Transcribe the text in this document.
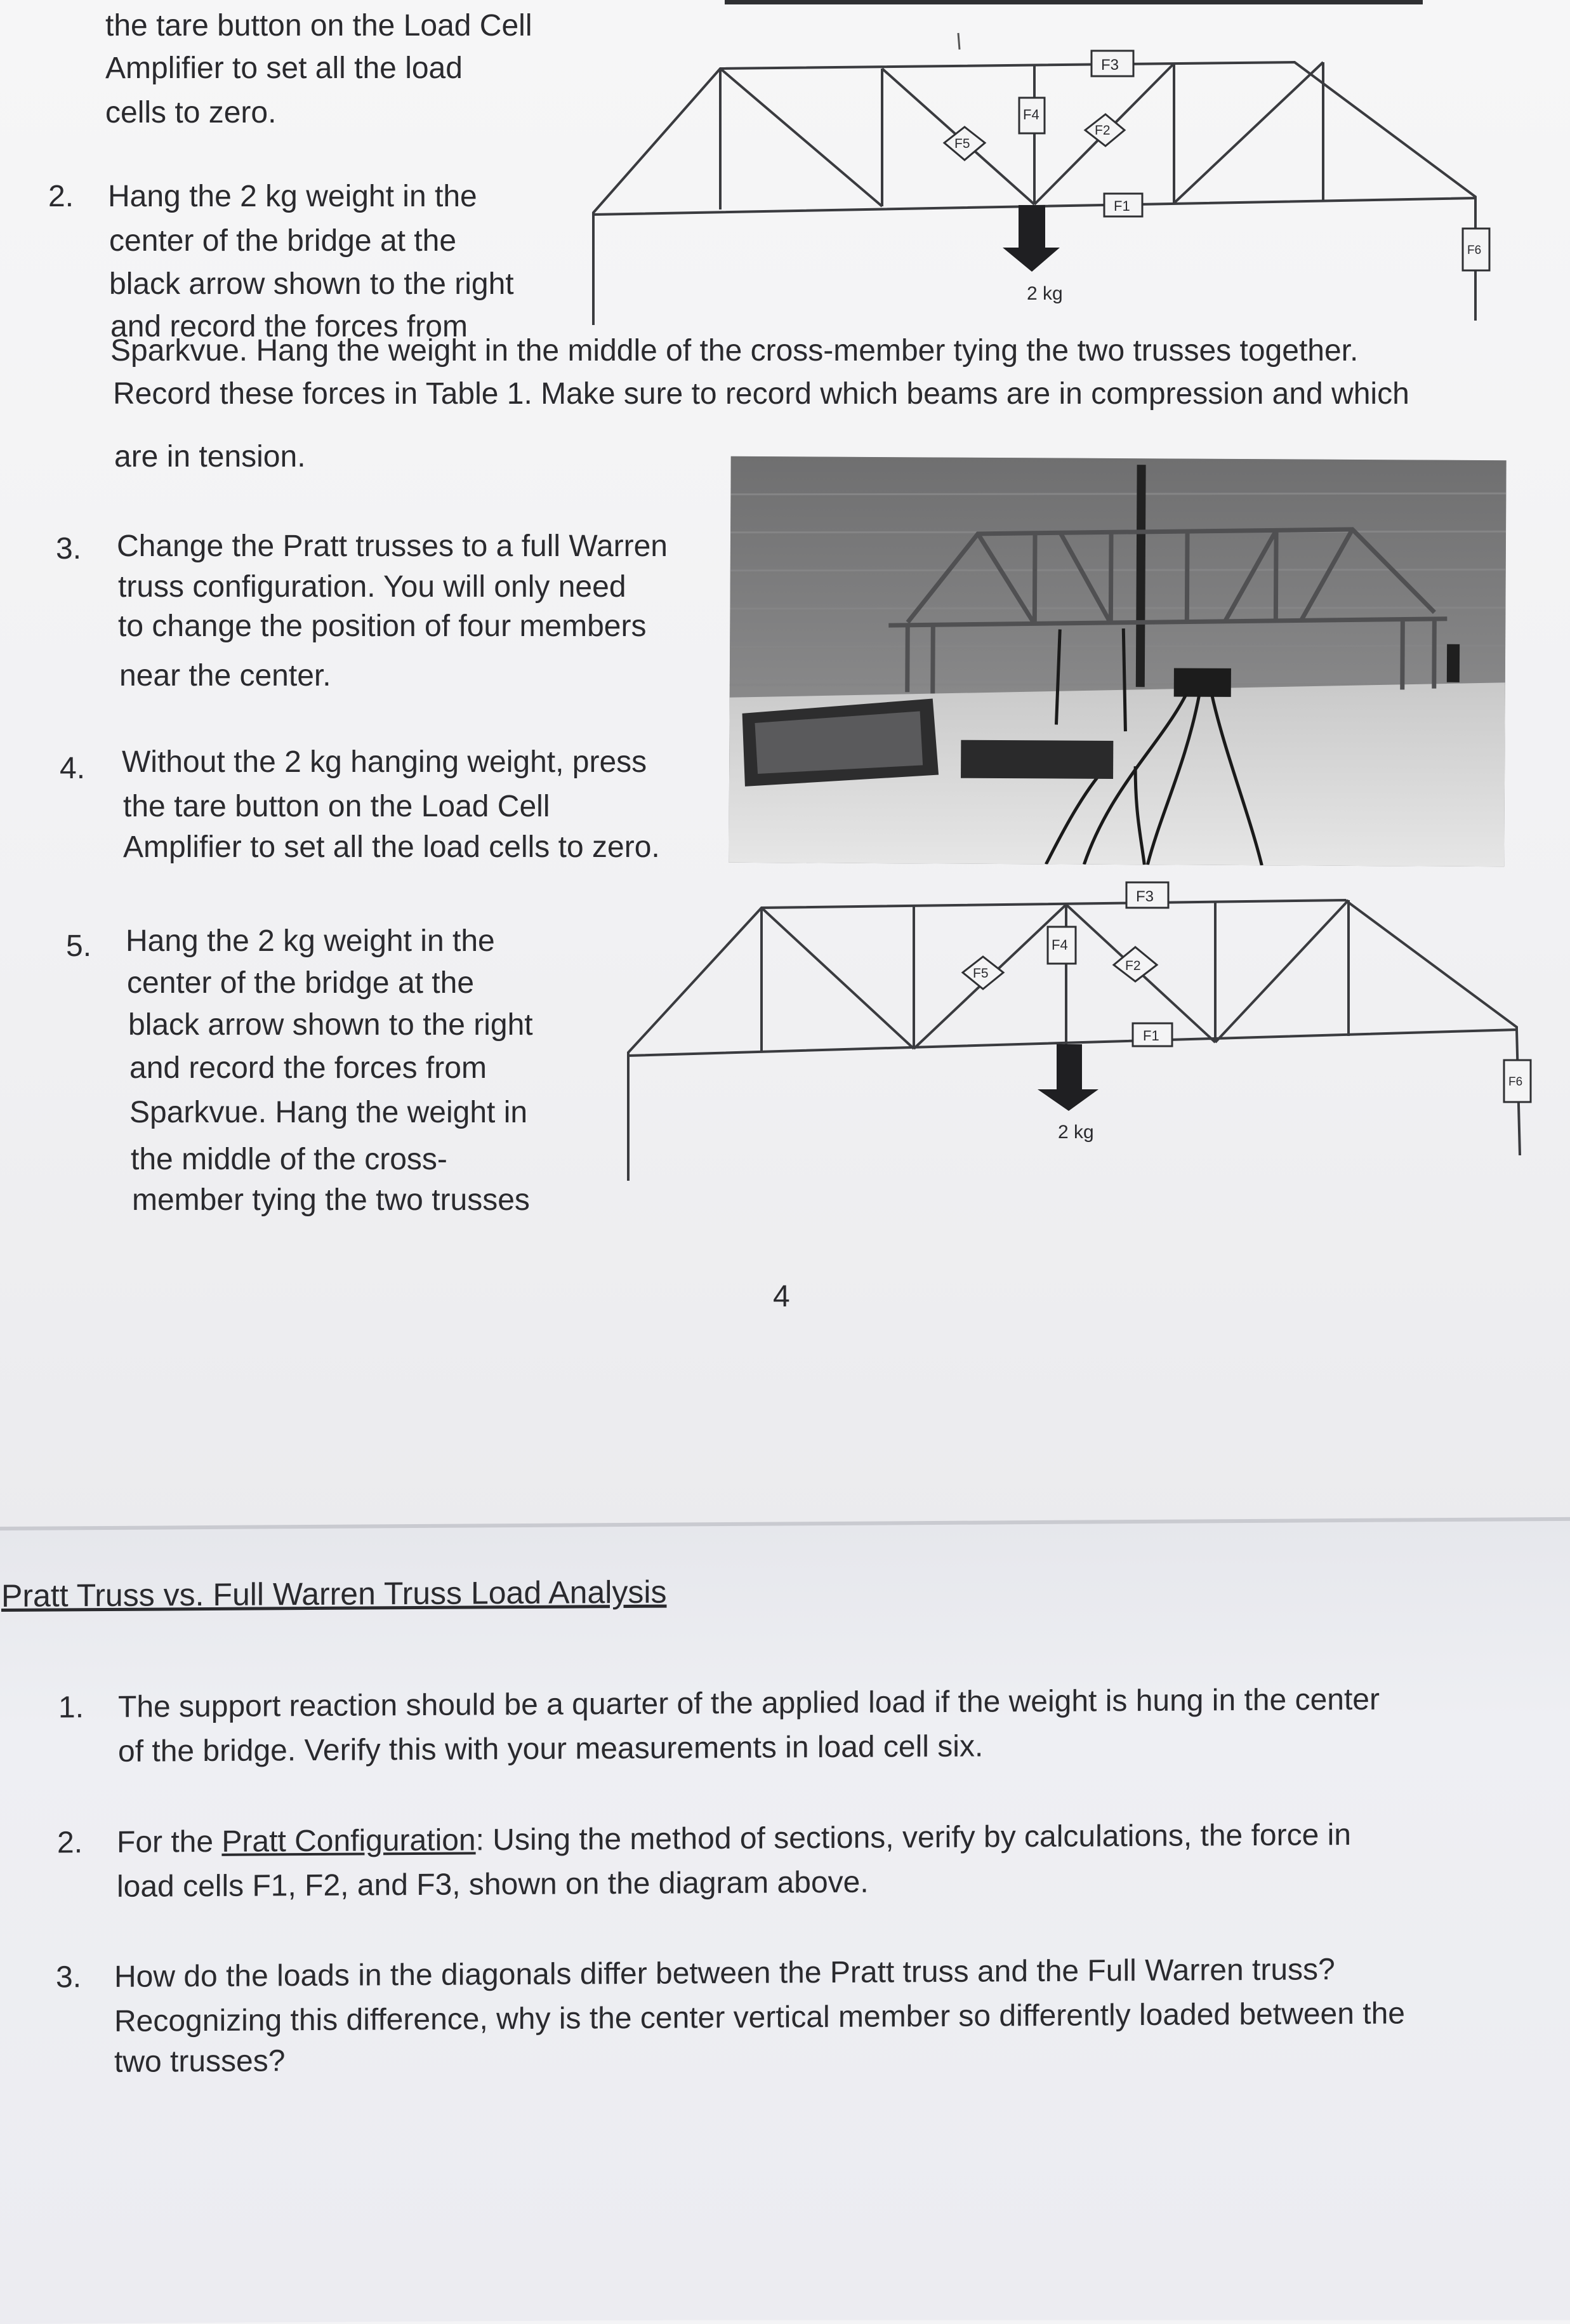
the tare button on the Load Cell
Amplifier to set all the load
cells to zero.
2. Hang the 2 kg weight in the
center of the bridge at the
black arrow shown to the right
and record the forces from
Sparkvue. Hang the weight in the middle of the cross-member tying the two trusses together.
Record these forces in Table 1. Make sure to record which beams are in compression and which
are in tension.
2 kg
F3
F4
F5
F2
F1
F6
3. Change the Pratt trusses to a full Warren
truss configuration. You will only need
to change the position of four members
near the center.
4. Without the 2 kg hanging weight, press
the tare button on the Load Cell
Amplifier to set all the load cells to zero.
5. Hang the 2 kg weight in the
center of the bridge at the
black arrow shown to the right
and record the forces from
Sparkvue. Hang the weight in
the middle of the cross-
member tying the two trusses
2 kg
F3
F4
F5
F2
F1
F6
4
Pratt Truss vs. Full Warren Truss Load Analysis
1. The support reaction should be a quarter of the applied load if the weight is hung in the center
of the bridge. Verify this with your measurements in load cell six.
2. For the Pratt Configuration: Using the method of sections, verify by calculations, the force in
load cells F1, F2, and F3, shown on the diagram above.
3. How do the loads in the diagonals differ between the Pratt truss and the Full Warren truss?
Recognizing this difference, why is the center vertical member so differently loaded between the
two trusses?
